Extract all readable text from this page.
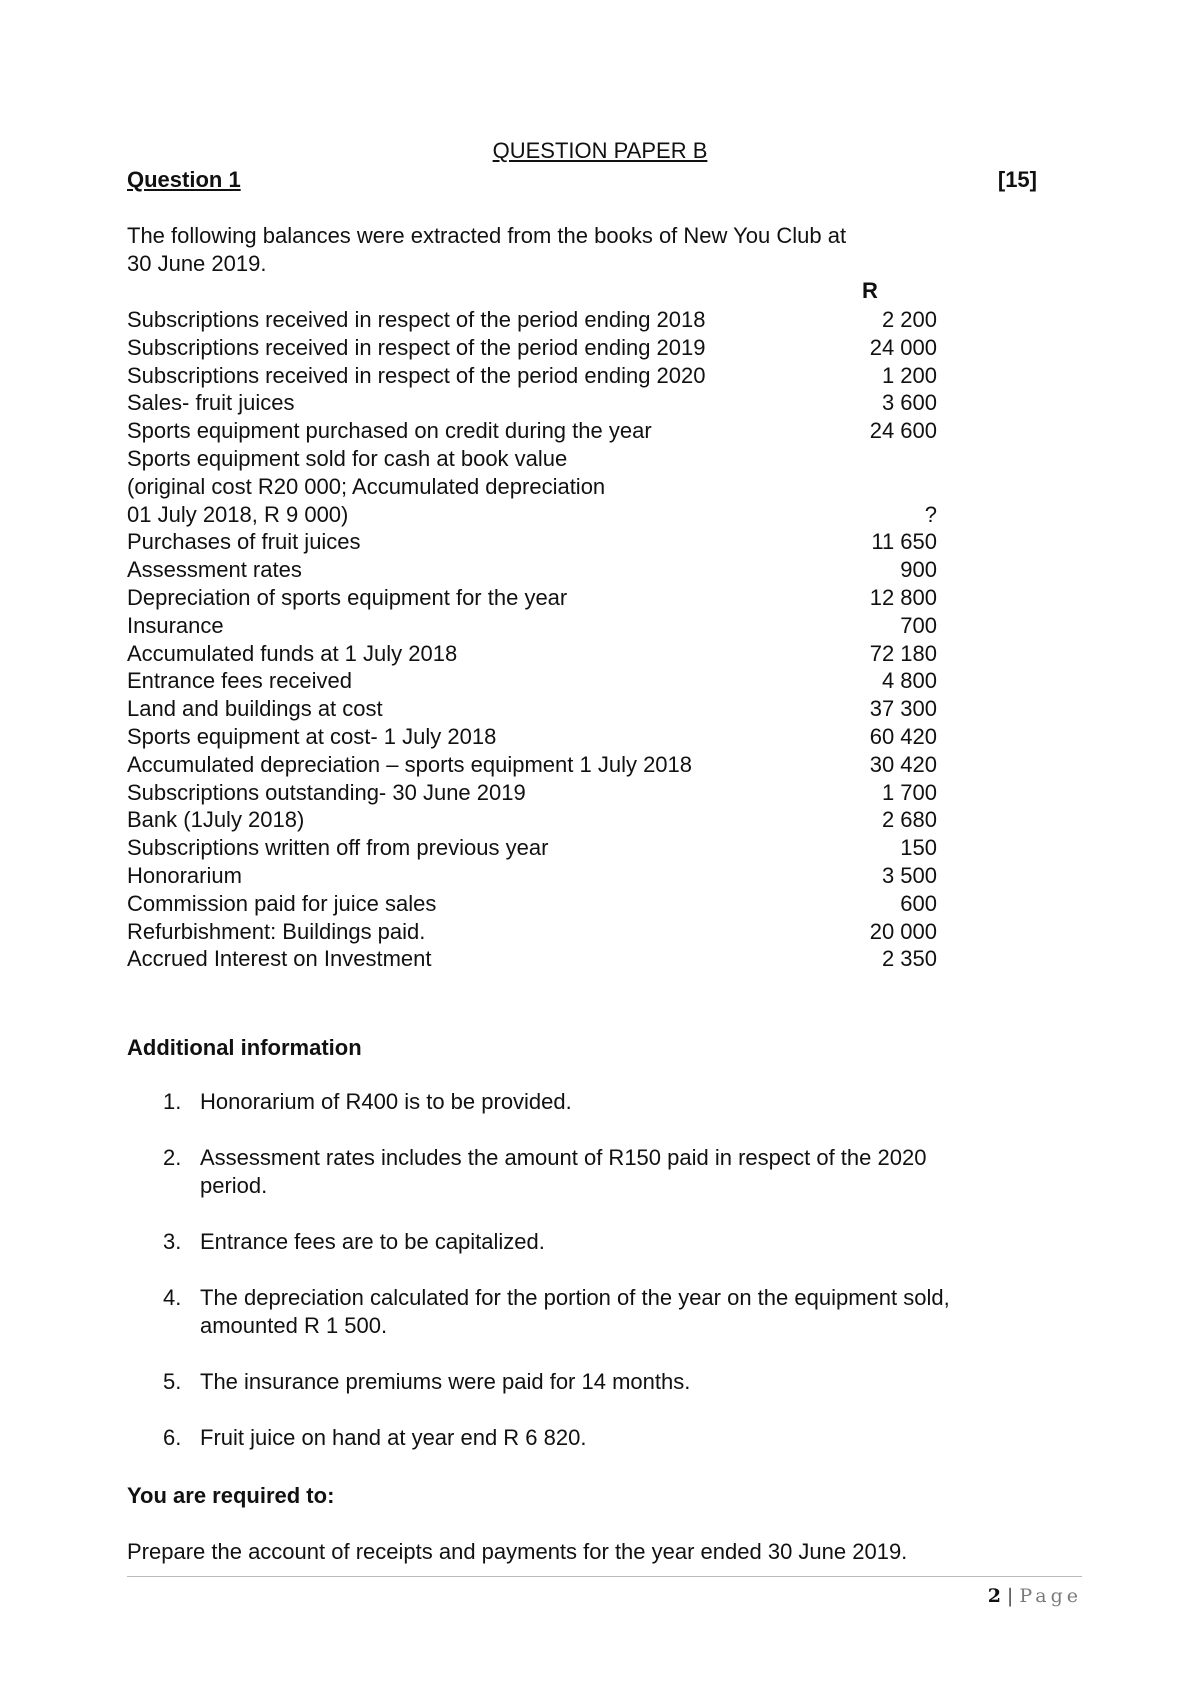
QUESTION PAPER B
Question 1	[15]
The following balances were extracted from the books of New You Club at
30 June 2019.
R
Subscriptions received in respect of the period ending 2018	2 200
Subscriptions received in respect of the period ending 2019	24 000
Subscriptions received in respect of the period ending 2020	1 200
Sales- fruit juices	3 600
Sports equipment purchased on credit during the year	24 600
Sports equipment sold for cash at book value
(original cost R20 000; Accumulated depreciation
01 July 2018, R 9 000)	?
Purchases of fruit juices	11 650
Assessment rates	900
Depreciation of sports equipment for the year	12 800
Insurance	700
Accumulated funds at 1 July 2018	72 180
Entrance fees received	4 800
Land and buildings at cost	37 300
Sports equipment at cost- 1 July 2018	60 420
Accumulated depreciation – sports equipment 1 July 2018	30 420
Subscriptions outstanding- 30 June 2019	1 700
Bank (1July 2018)	2 680
Subscriptions written off from previous year	150
Honorarium	3 500
Commission paid for juice sales	600
Refurbishment: Buildings paid.	20 000
Accrued Interest on Investment	2 350
Additional information
1. Honorarium of R400 is to be provided.
2. Assessment rates includes the amount of R150 paid in respect of the 2020
period.
3. Entrance fees are to be capitalized.
4. The depreciation calculated for the portion of the year on the equipment sold,
amounted R 1 500.
5. The insurance premiums were paid for 14 months.
6. Fruit juice on hand at year end R 6 820.
You are required to:
Prepare the account of receipts and payments for the year ended 30 June 2019.
2 | Page
